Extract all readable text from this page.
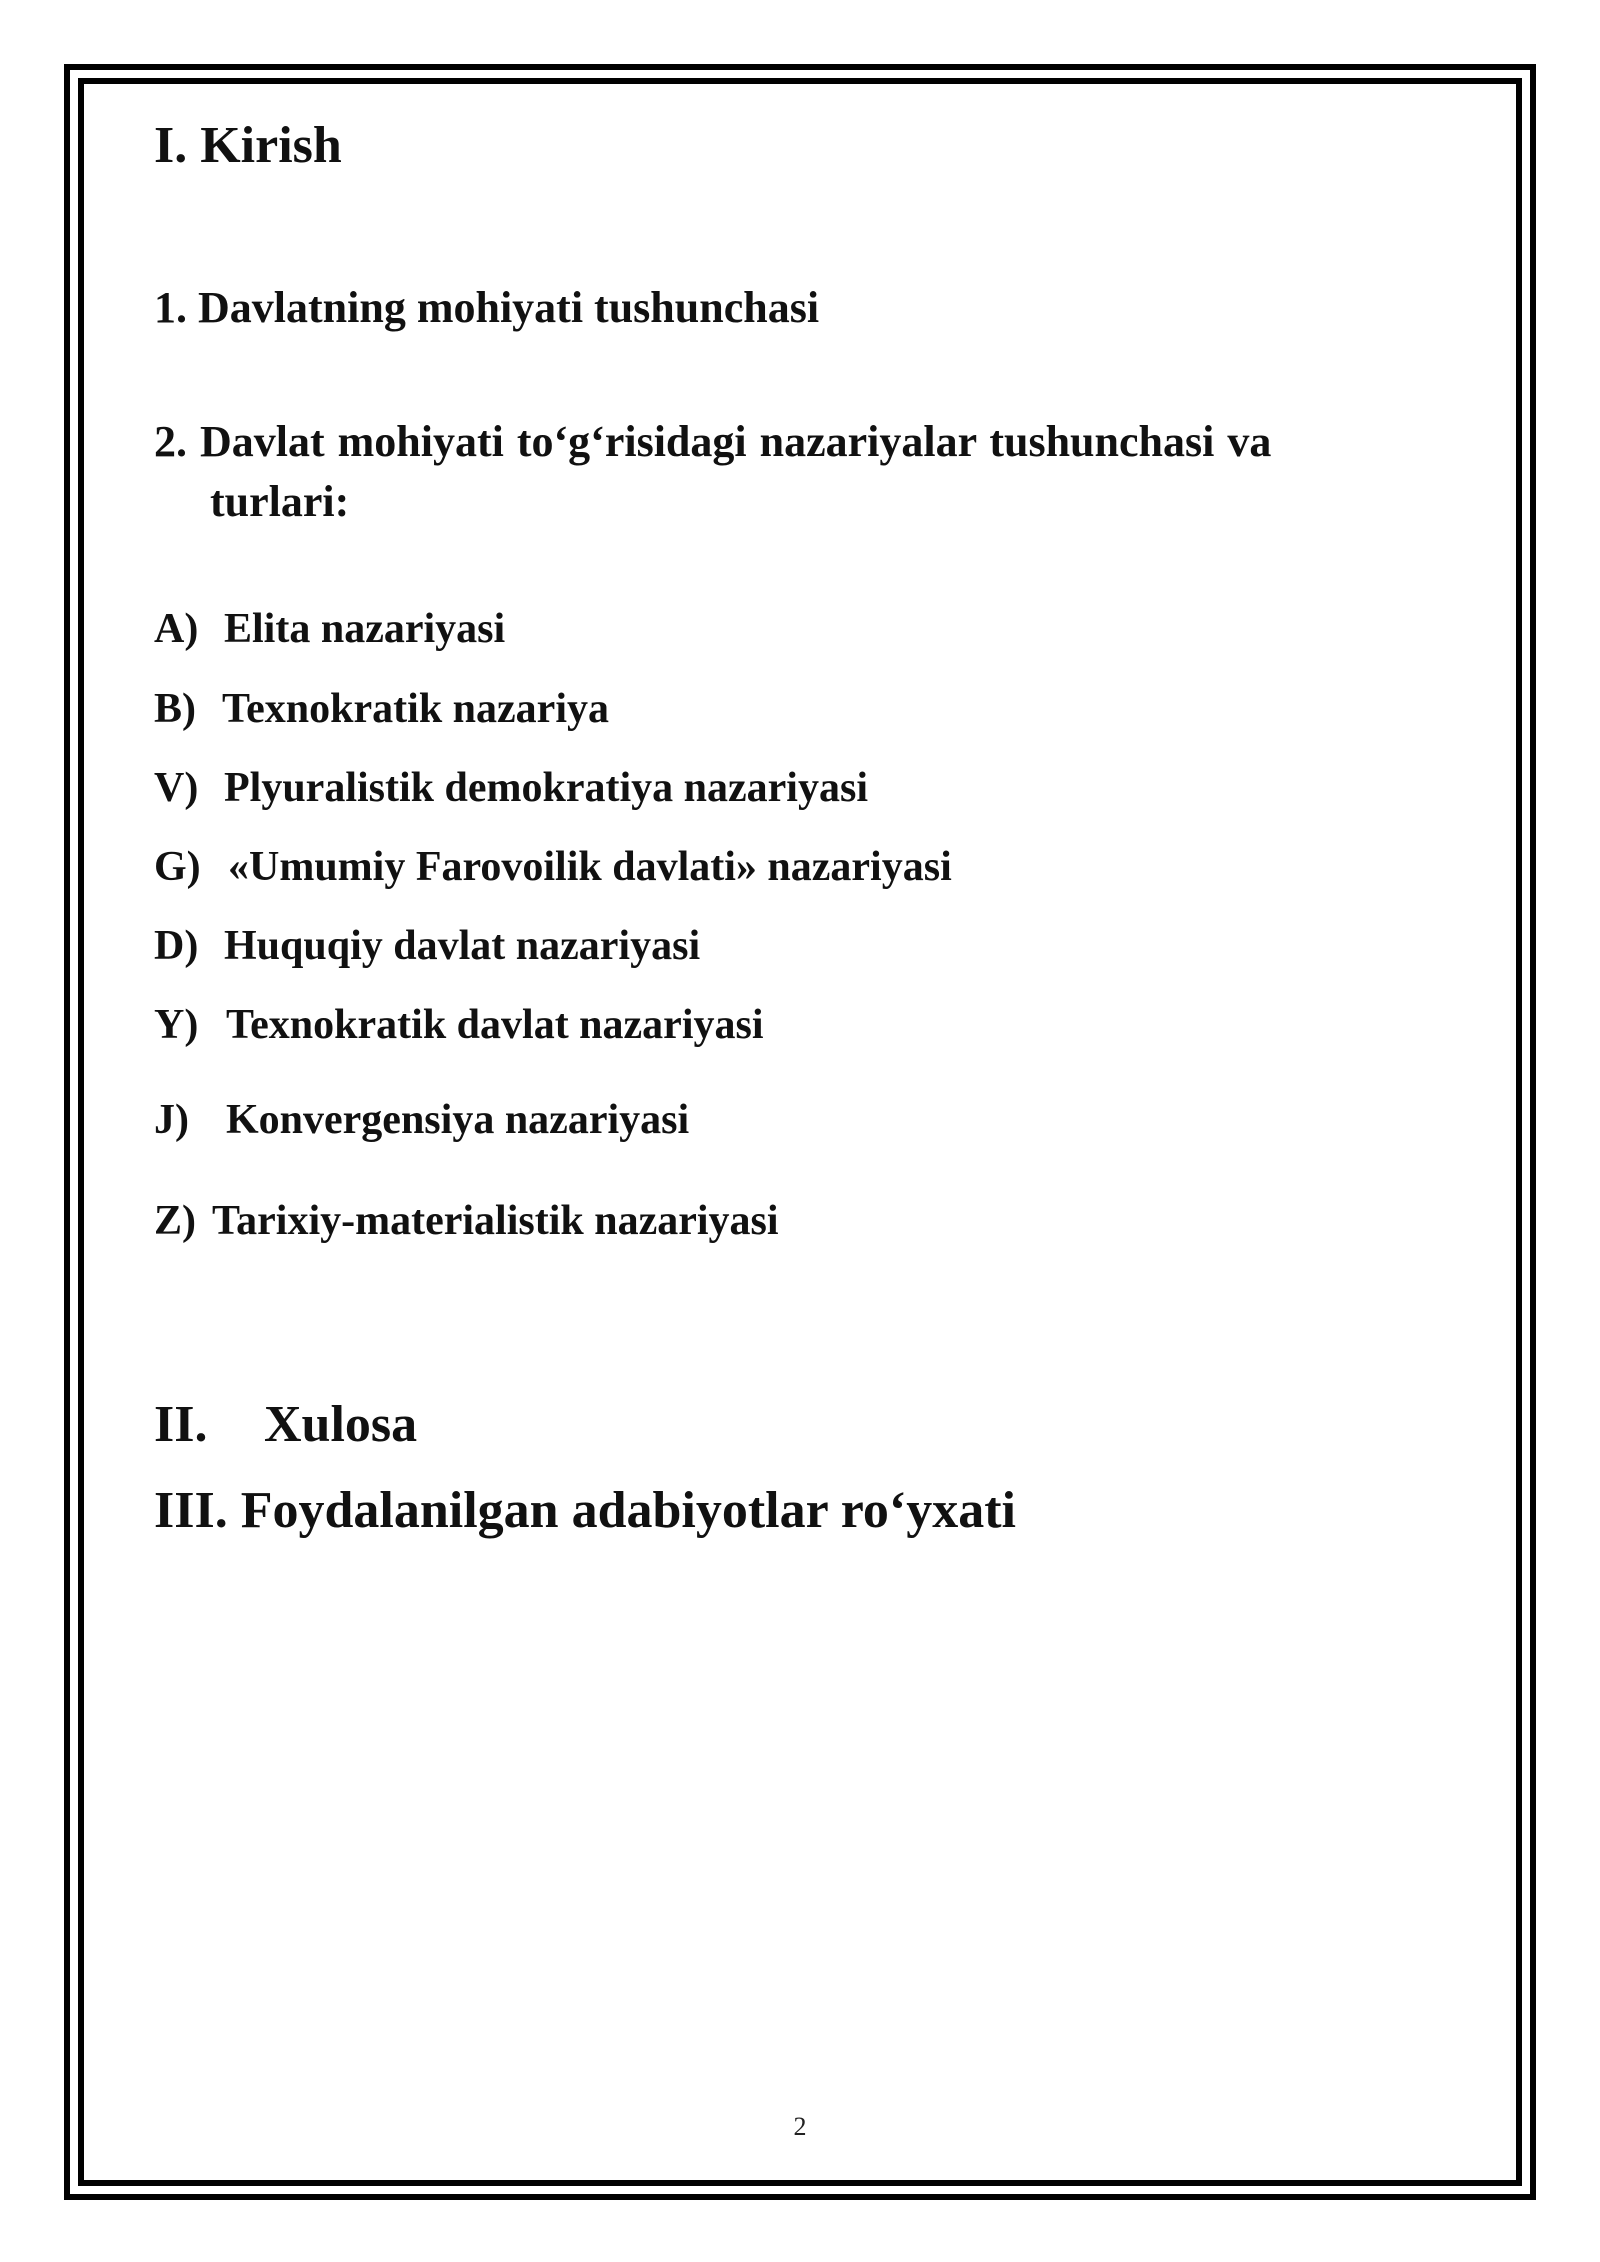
I. Kirish
1. Davlatning mohiyati tushunchasi
2. Davlat mohiyati to‘g‘risidagi nazariyalar tushunchasi va
turlari:
A) Elita nazariyasi
B) Texnokratik nazariya
V) Plyuralistik demokratiya nazariyasi
G) «Umumiy Farovoilik davlati» nazariyasi
D) Huquqiy davlat nazariyasi
Y) Texnokratik davlat nazariyasi
J) Konvergensiya nazariyasi
Z) Tarixiy-materialistik nazariyasi
II. Xulosa
III. Foydalanilgan adabiyotlar ro‘yxati
2
